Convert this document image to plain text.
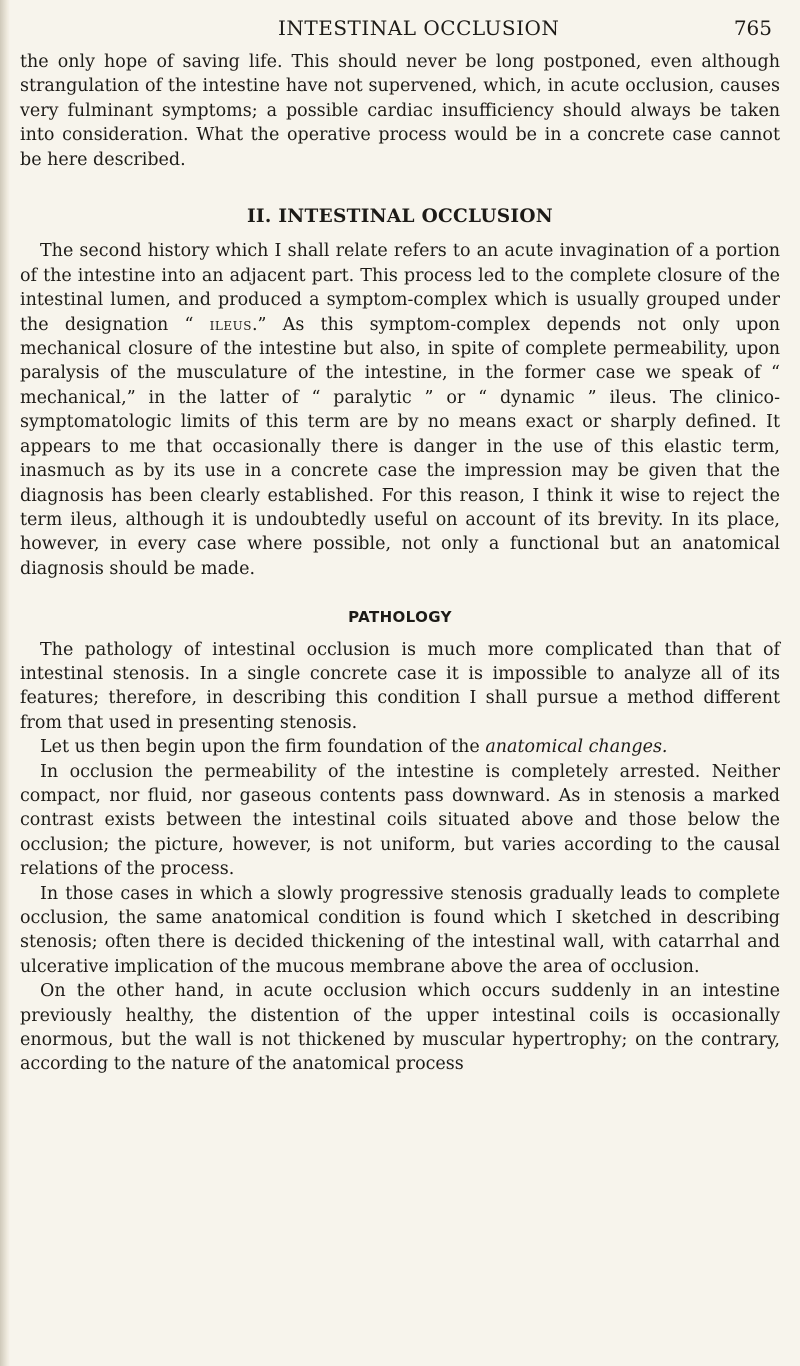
INTESTINAL OCCLUSION	765

the only hope of saving life. This should never be long postponed, even although strangulation of the intestine have not supervened, which, in acute occlusion, causes very fulminant symptoms; a possible cardiac insufficiency should always be taken into consideration. What the operative process would be in a concrete case cannot be here described.

II. INTESTINAL OCCLUSION

The second history which I shall relate refers to an acute invagination of a portion of the intestine into an adjacent part. This process led to the complete closure of the intestinal lumen, and produced a symptom-complex which is usually grouped under the designation “ ileus.” As this symptom-complex depends not only upon mechanical closure of the intestine but also, in spite of complete permeability, upon paralysis of the musculature of the intestine, in the former case we speak of “ mechanical,” in the latter of “ paralytic ” or “ dynamic ” ileus. The clinico-symptomatologic limits of this term are by no means exact or sharply defined. It appears to me that occasionally there is danger in the use of this elastic term, inasmuch as by its use in a concrete case the impression may be given that the diagnosis has been clearly established. For this reason, I think it wise to reject the term ileus, although it is undoubtedly useful on account of its brevity. In its place, however, in every case where possible, not only a functional but an anatomical diagnosis should be made.

PATHOLOGY

The pathology of intestinal occlusion is much more complicated than that of intestinal stenosis. In a single concrete case it is impossible to analyze all of its features; therefore, in describing this condition I shall pursue a method different from that used in presenting stenosis.

Let us then begin upon the firm foundation of the anatomical changes.

In occlusion the permeability of the intestine is completely arrested. Neither compact, nor fluid, nor gaseous contents pass downward. As in stenosis a marked contrast exists between the intestinal coils situated above and those below the occlusion; the picture, however, is not uniform, but varies according to the causal relations of the process.

In those cases in which a slowly progressive stenosis gradually leads to complete occlusion, the same anatomical condition is found which I sketched in describing stenosis; often there is decided thickening of the intestinal wall, with catarrhal and ulcerative implication of the mucous membrane above the area of occlusion.

On the other hand, in acute occlusion which occurs suddenly in an intestine previously healthy, the distention of the upper intestinal coils is occasionally enormous, but the wall is not thickened by muscular hypertrophy; on the contrary, according to the nature of the anatomical process
